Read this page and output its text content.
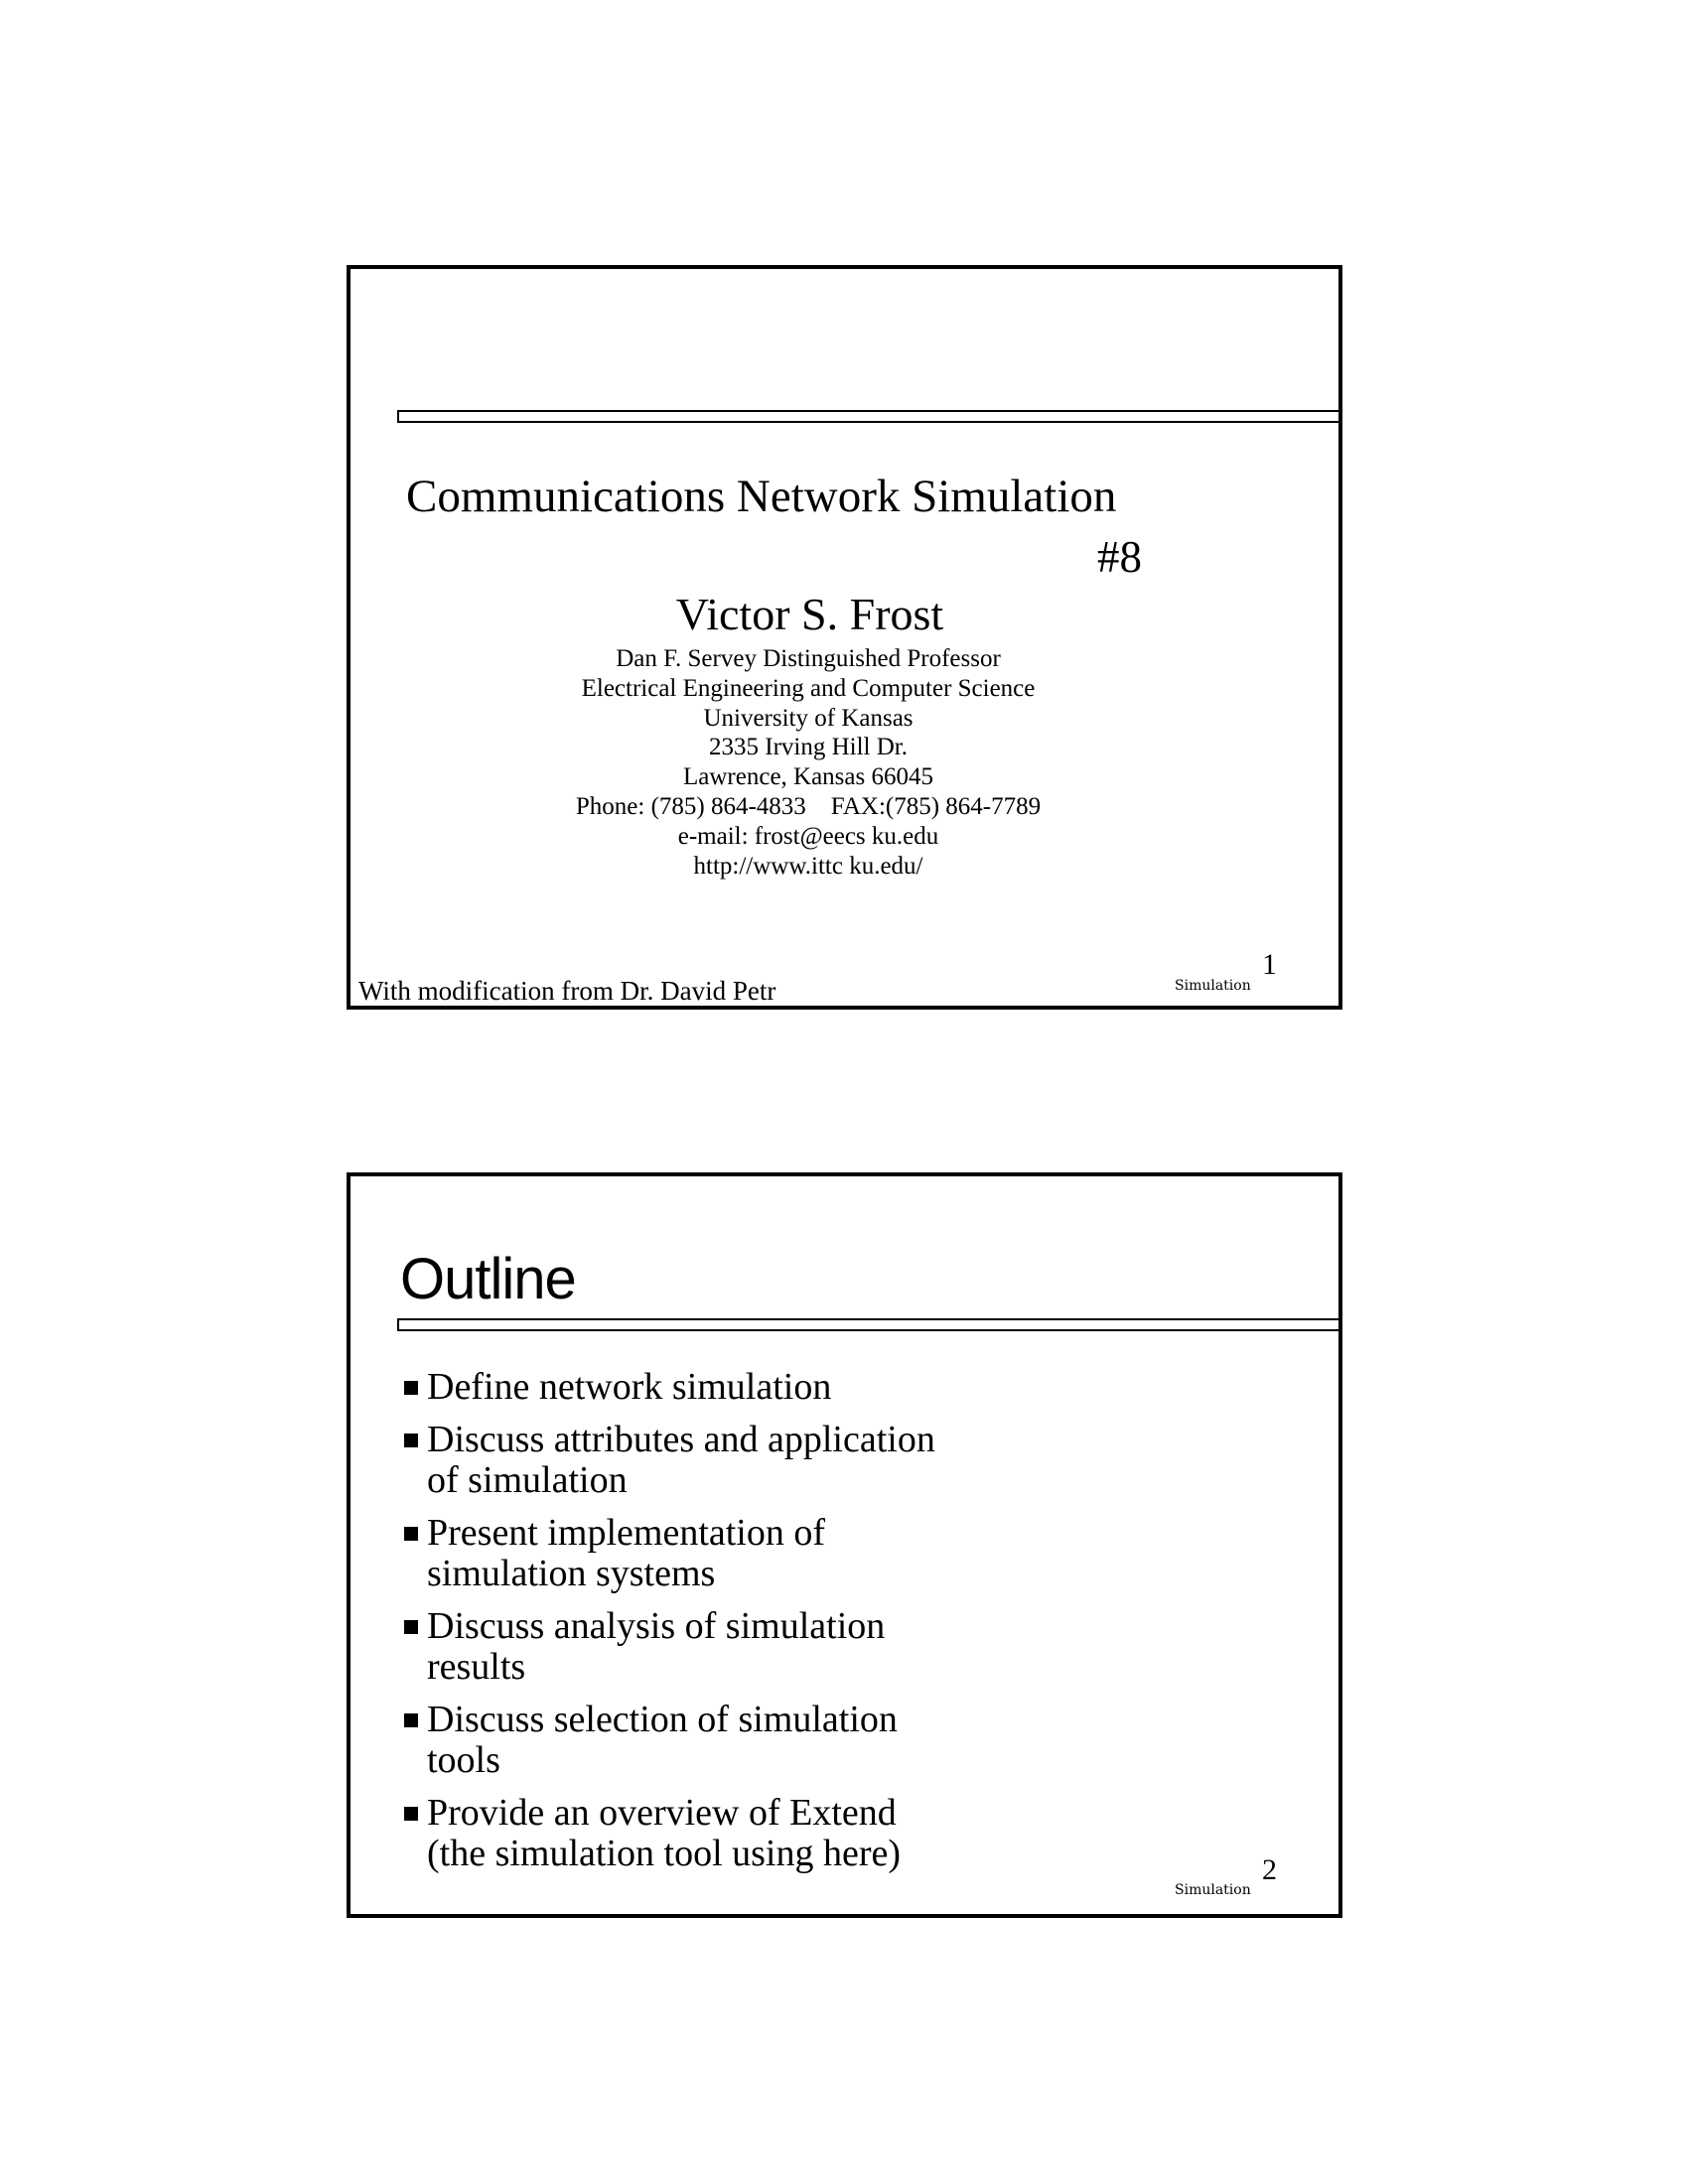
Communications Network Simulation
#8
Victor S. Frost
Dan F. Servey Distinguished Professor
Electrical Engineering and Computer Science
University of Kansas
2335 Irving Hill Dr.
Lawrence, Kansas 66045
Phone: (785) 864-4833    FAX:(785) 864-7789
e-mail: frost@eecs ku.edu
http://www.ittc ku.edu/
With modification from Dr. David Petr	Simulation
1
Outline
Define network simulation
Discuss attributes and application of simulation
Present implementation of simulation systems
Discuss analysis of simulation results
Discuss selection of simulation tools
Provide an overview of Extend (the simulation tool using here)
Simulation
2
